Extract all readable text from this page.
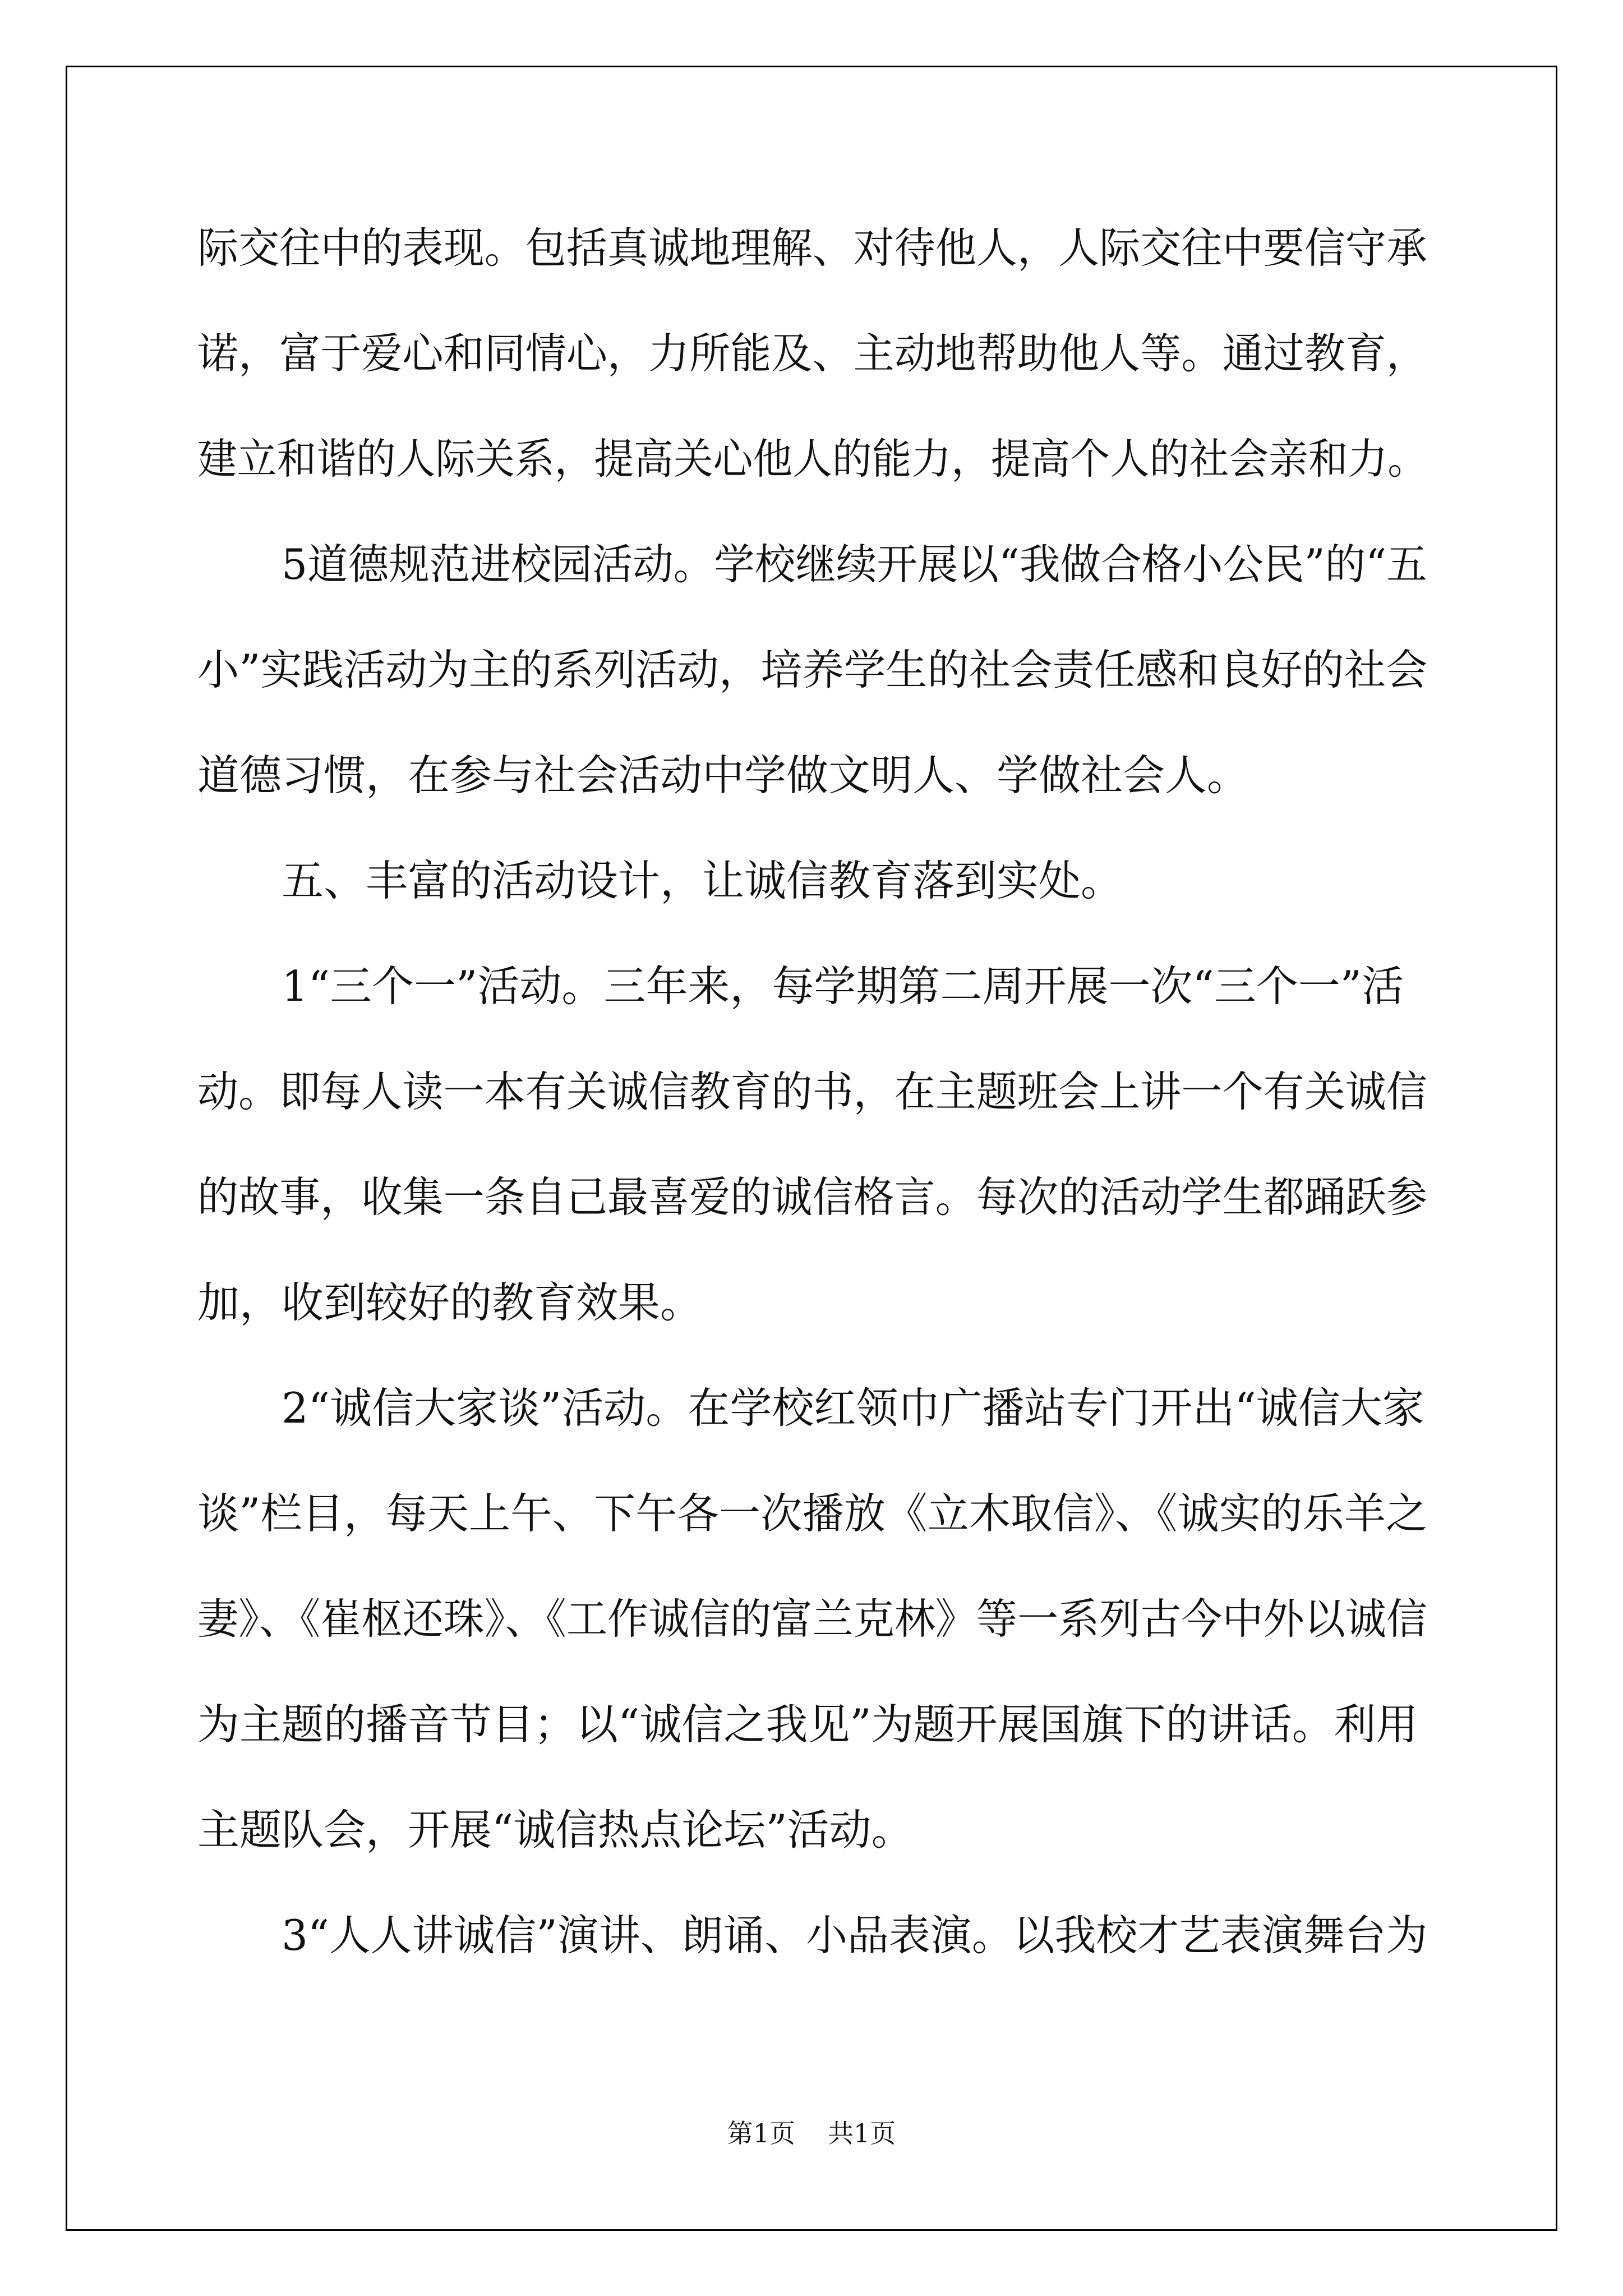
际交往中的表现。包括真诚地理解、对待他人，人际交往中要信守承

诺，富于爱心和同情心，力所能及、主动地帮助他人等。通过教育，

建立和谐的人际关系，提高关心他人的能力，提高个人的社会亲和力。

5道德规范进校园活动。学校继续开展以“我做合格小公民”的“五

小”实践活动为主的系列活动，培养学生的社会责任感和良好的社会

道德习惯，在参与社会活动中学做文明人、学做社会人。

五、丰富的活动设计，让诚信教育落到实处。

1“三个一”活动。三年来，每学期第二周开展一次“三个一”活

动。即每人读一本有关诚信教育的书，在主题班会上讲一个有关诚信

的故事，收集一条自己最喜爱的诚信格言。每次的活动学生都踊跃参

加，收到较好的教育效果。

2“诚信大家谈”活动。在学校红领巾广播站专门开出“诚信大家

谈”栏目，每天上午、下午各一次播放《立木取信》、《诚实的乐羊之

妻》、《崔枢还珠》、《工作诚信的富兰克林》等一系列古今中外以诚信

为主题的播音节目；以“诚信之我见”为题开展国旗下的讲话。利用

主题队会，开展“诚信热点论坛”活动。

3“人人讲诚信”演讲、朗诵、小品表演。以我校才艺表演舞台为

第1页 共1页
